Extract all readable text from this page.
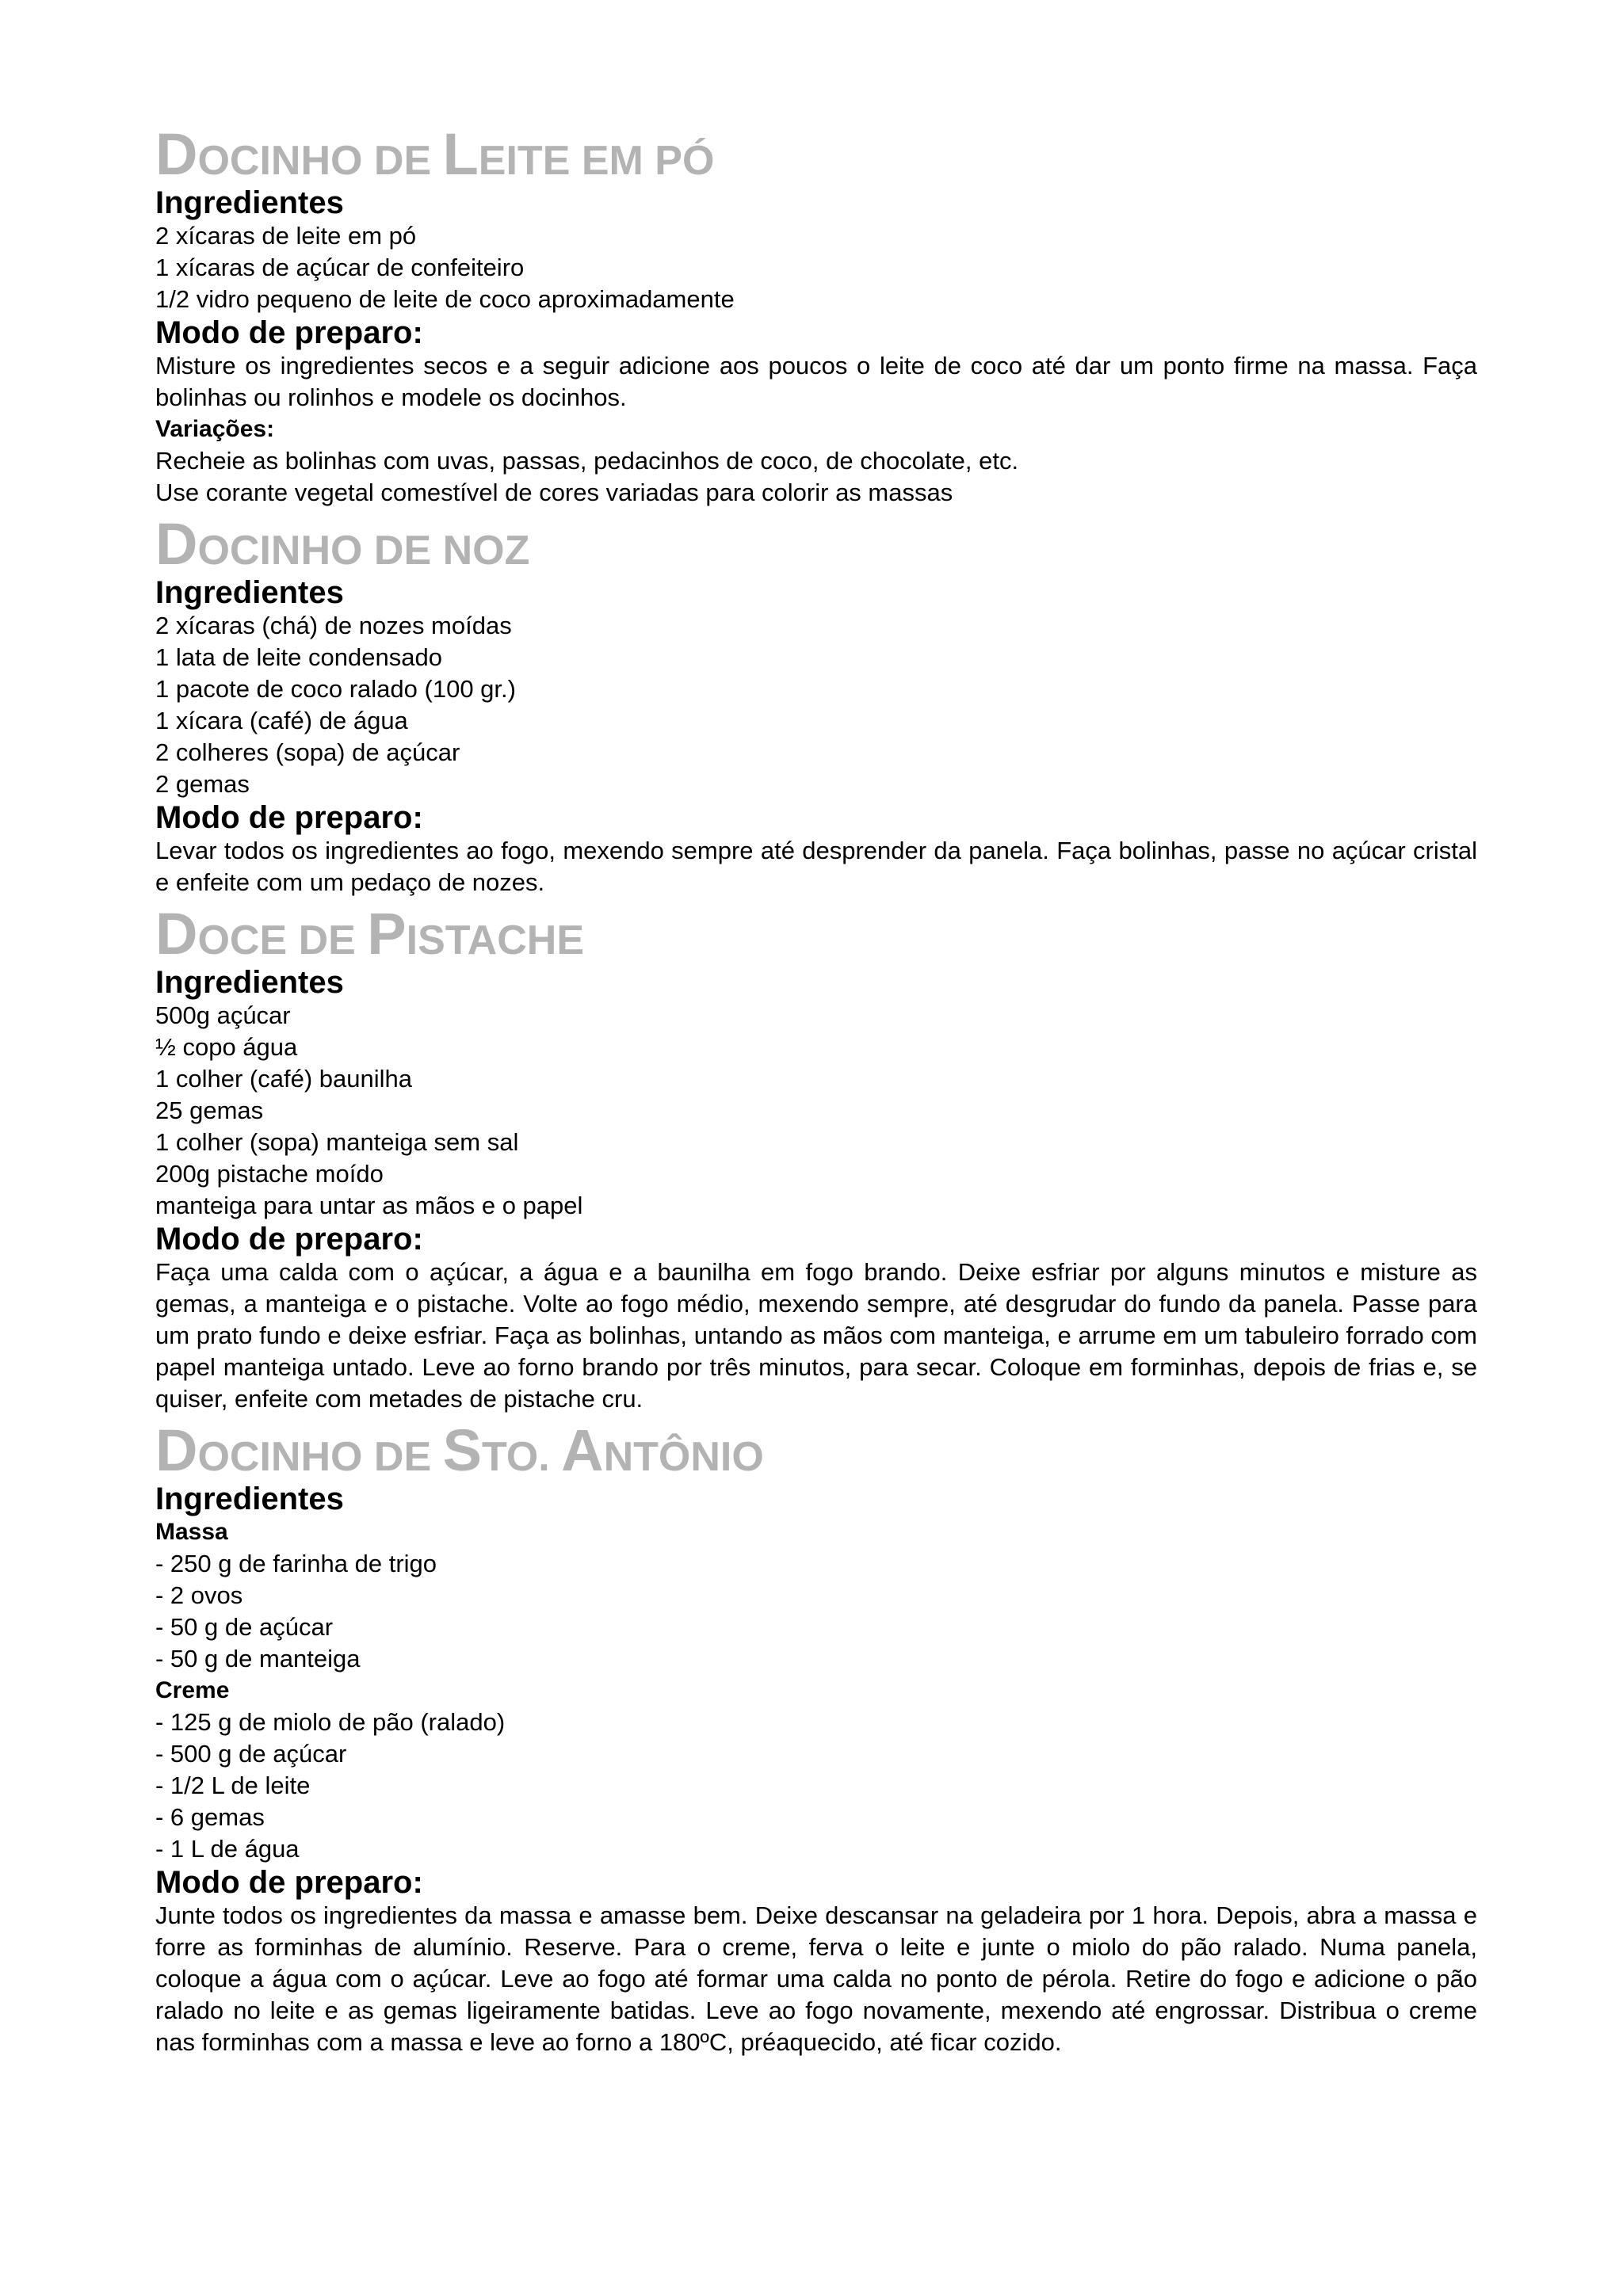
DOCINHO DE LEITE EM PÓ
Ingredientes

2 xícaras de leite em pó

1 xícaras de açúcar de confeiteiro

1/2 vidro pequeno de leite de coco aproximadamente

Modo de preparo:

Misture os ingredientes secos e a seguir adicione aos poucos o leite de coco até dar um ponto firme na massa. Faça bolinhas ou rolinhos e modele os docinhos.

Variações:

Recheie as bolinhas com uvas, passas, pedacinhos de coco, de chocolate, etc.

Use corante vegetal comestível de cores variadas para colorir as massas

DOCINHO DE NOZ
Ingredientes

2 xícaras (chá) de nozes moídas

1 lata de leite condensado

1 pacote de coco ralado (100 gr.)

1 xícara (café) de água

2 colheres (sopa) de açúcar

2 gemas

Modo de preparo:

Levar todos os ingredientes ao fogo, mexendo sempre até desprender da panela. Faça bolinhas, passe no açúcar cristal e enfeite com um pedaço de nozes.

DOCE DE PISTACHE
Ingredientes

500g açúcar

½ copo água

1 colher (café) baunilha

25 gemas

1 colher (sopa) manteiga sem sal

200g pistache moído

manteiga para untar as mãos e o papel

Modo de preparo:

Faça uma calda com o açúcar, a água e a baunilha em fogo brando. Deixe esfriar por alguns minutos e misture as gemas, a manteiga e o pistache. Volte ao fogo médio, mexendo sempre, até desgrudar do fundo da panela. Passe para um prato fundo e deixe esfriar. Faça as bolinhas, untando as mãos com manteiga, e arrume em um tabuleiro forrado com papel manteiga untado. Leve ao forno brando por três minutos, para secar. Coloque em forminhas, depois de frias e, se quiser, enfeite com metades de pistache cru.

DOCINHO DE STO. ANTÔNIO
Ingredientes

Massa

- 250 g de farinha de trigo

- 2 ovos

- 50 g de açúcar

- 50 g de manteiga

Creme

- 125 g de miolo de pão (ralado)

- 500 g de açúcar

- 1/2 L de leite

- 6 gemas

- 1 L de água

Modo de preparo:

Junte todos os ingredientes da massa e amasse bem. Deixe descansar na geladeira por 1 hora. Depois, abra a massa e forre as forminhas de alumínio. Reserve. Para o creme, ferva o leite e junte o miolo do pão ralado. Numa panela, coloque a água com o açúcar. Leve ao fogo até formar uma calda no ponto de pérola. Retire do fogo e adicione o pão ralado no leite e as gemas ligeiramente batidas. Leve ao fogo novamente, mexendo até engrossar. Distribua o creme nas forminhas com a massa e leve ao forno a 180ºC, préaquecido, até ficar cozido.
